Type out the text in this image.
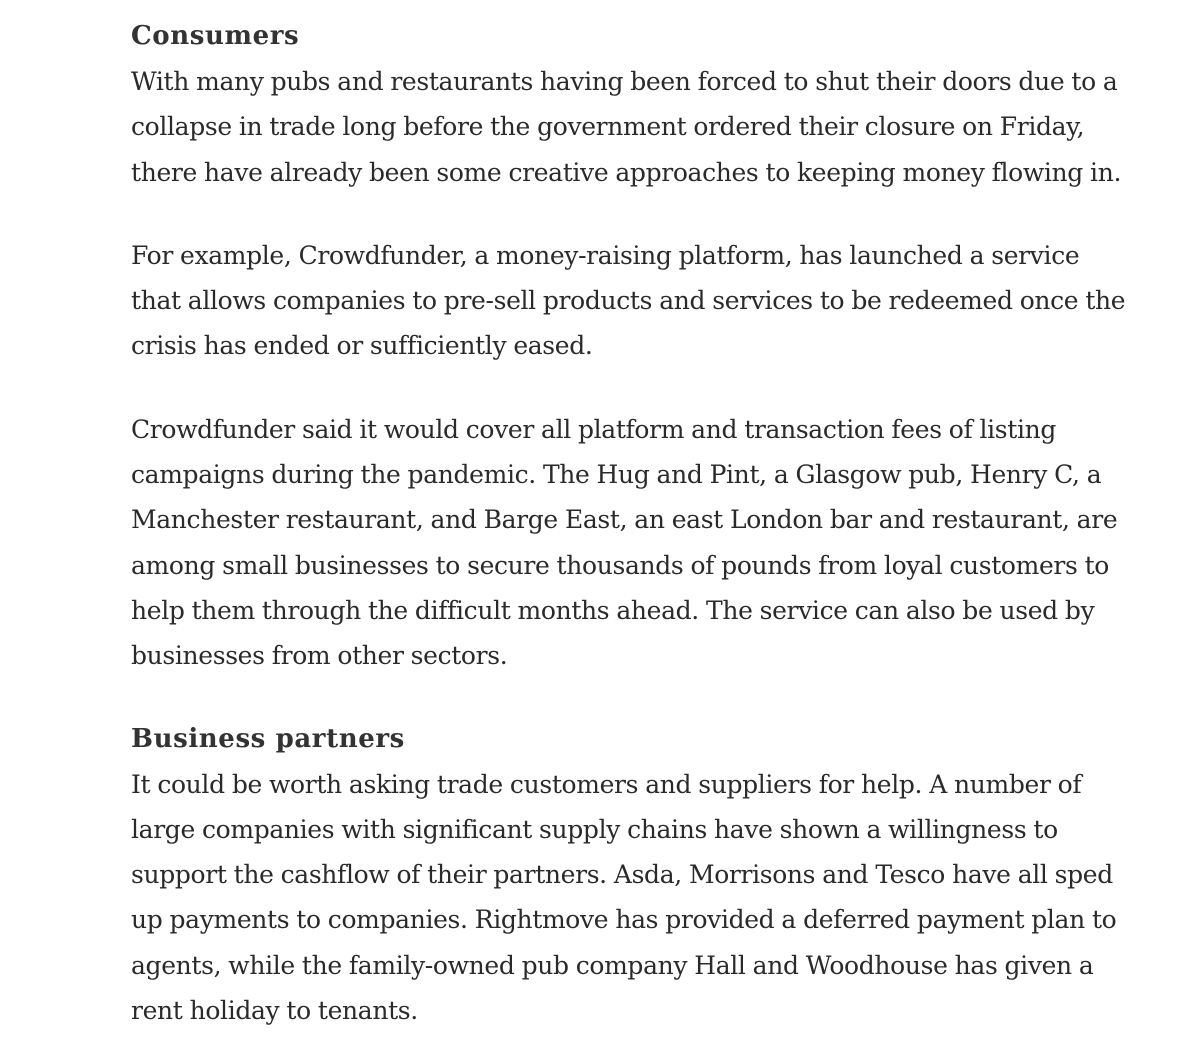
Consumers

With many pubs and restaurants having been forced to shut their doors due to a collapse in trade long before the government ordered their closure on Friday, there have already been some creative approaches to keeping money flowing in.

For example, Crowdfunder, a money-raising platform, has launched a service that allows companies to pre-sell products and services to be redeemed once the crisis has ended or sufficiently eased.

Crowdfunder said it would cover all platform and transaction fees of listing campaigns during the pandemic. The Hug and Pint, a Glasgow pub, Henry C, a Manchester restaurant, and Barge East, an east London bar and restaurant, are among small businesses to secure thousands of pounds from loyal customers to help them through the difficult months ahead. The service can also be used by businesses from other sectors.

Business partners

It could be worth asking trade customers and suppliers for help. A number of large companies with significant supply chains have shown a willingness to support the cashflow of their partners. Asda, Morrisons and Tesco have all sped up payments to companies. Rightmove has provided a deferred payment plan to agents, while the family-owned pub company Hall and Woodhouse has given a rent holiday to tenants.
